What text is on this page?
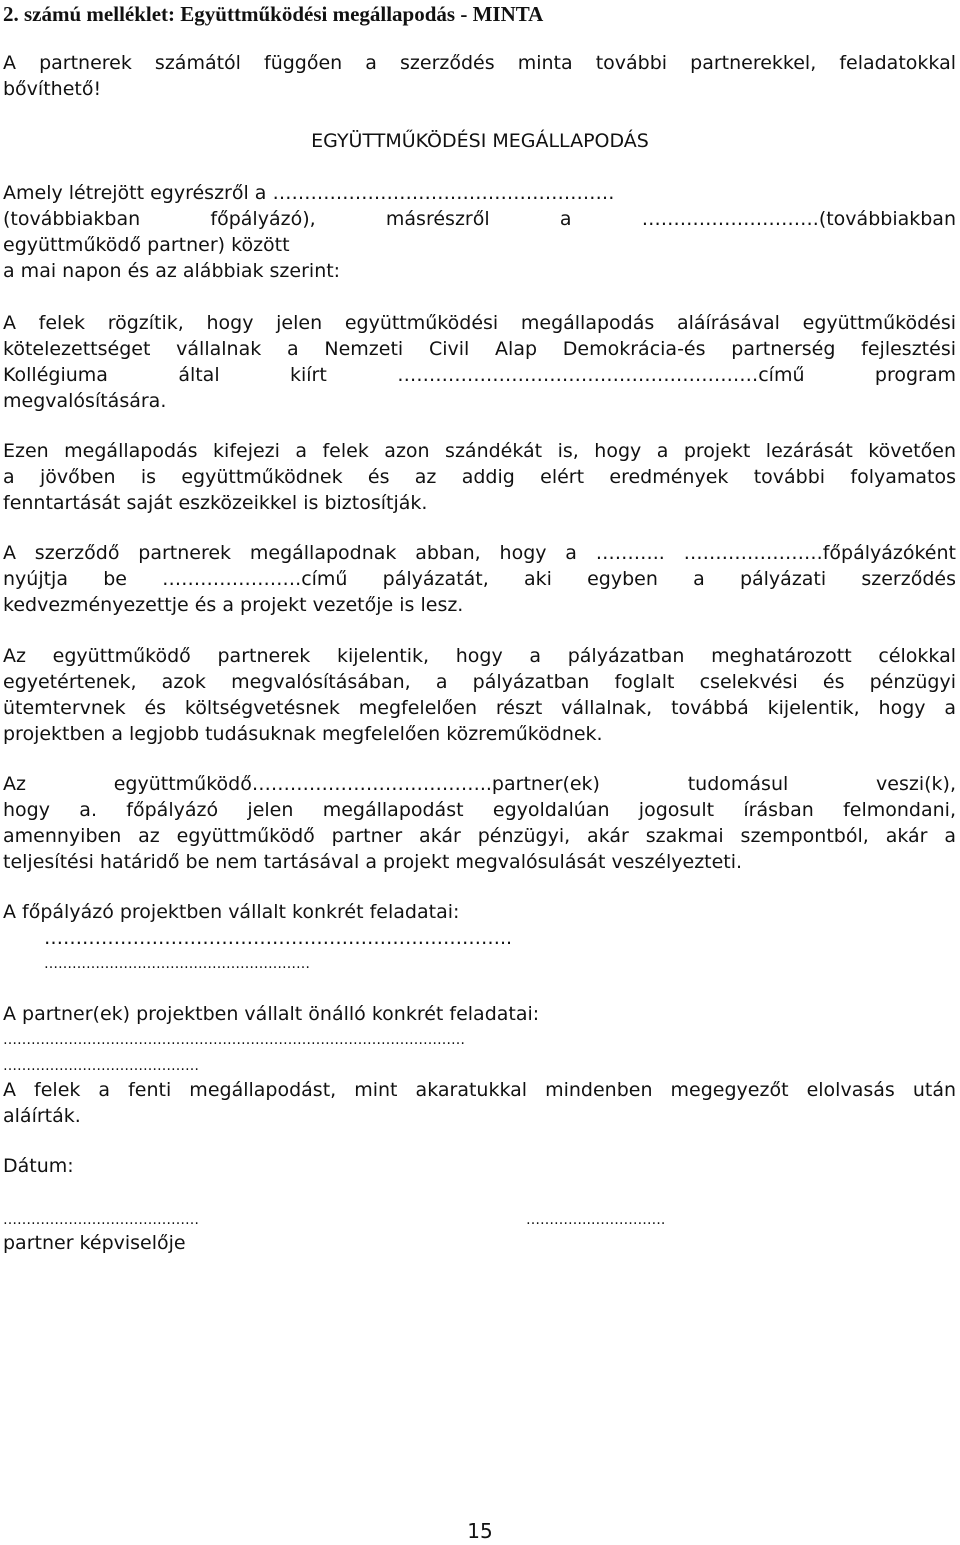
2. számú melléklet: Együttműködési megállapodás - MINTA
A partnerek számától függően a szerződés minta további partnerekkel, feladatokkal
bővíthető!
EGYÜTTMŰKÖDÉSI MEGÁLLAPODÁS
Amely létrejött egyrészről a ………………………………………………
(továbbiakban főpályázó), másrészről a ……………………….(továbbiakban
együttműködő partner) között
a mai napon és az alábbiak szerint:
A felek rögzítik, hogy jelen együttműködési megállapodás aláírásával együttműködési
kötelezettséget vállalnak a Nemzeti Civil Alap Demokrácia-és partnerség fejlesztési
Kollégiuma által kiírt …………………………………………………című program
megvalósítására.
Ezen megállapodás kifejezi a felek azon szándékát is, hogy a projekt lezárását követően
a jövőben is együttműködnek és az addig elért eredmények további folyamatos
fenntartását saját eszközeikkel is biztosítják.
A szerződő partnerek megállapodnak abban, hogy a ……….. ………………….főpályázóként
nyújtja be ………………….című pályázatát, aki egyben a pályázati szerződés
kedvezményezettje és a projekt vezetője is lesz.
Az együttműködő partnerek kijelentik, hogy a pályázatban meghatározott célokkal
egyetértenek, azok megvalósításában, a pályázatban foglalt cselekvési és pénzügyi
ütemtervnek és költségvetésnek megfelelően részt vállalnak, továbbá kijelentik, hogy a
projektben a legjobb tudásuknak megfelelően közreműködnek.
Az együttműködő………………………………..partner(ek) tudomásul veszi(k),
hogy a. főpályázó jelen megállapodást egyoldalúan jogosult írásban felmondani,
amennyiben az együttműködő partner akár pénzügyi, akár szakmai szempontból, akár a
teljesítési határidő be nem tartásával a projekt megvalósulását veszélyezteti.
A főpályázó projektben vállalt konkrét feladatai:
………………………………………………………………..
…………………………………………………
A partner(ek) projektben vállalt önálló konkrét feladatai:
………………………………………………………………………………………
……………………………………
A felek a fenti megállapodást, mint akaratukkal mindenben megegyezőt elolvasás után
aláírták.
Dátum:
……………………………………	…………..…………….
partner képviselője
15
